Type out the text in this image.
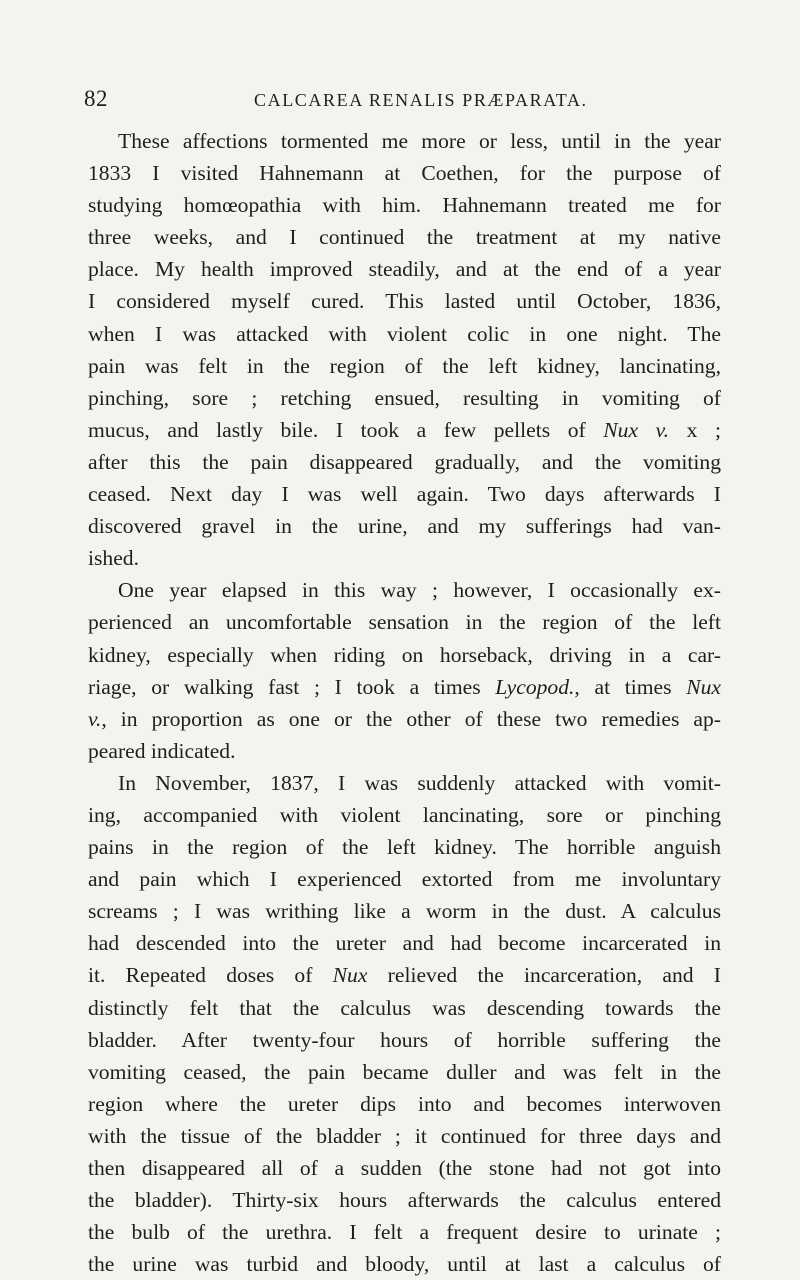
82	CALCAREA RENALIS PRÆPARATA.
These affections tormented me more or less, until in the year
1833 I visited Hahnemann at Coethen, for the purpose of
studying homœopathia with him. Hahnemann treated me for
three weeks, and I continued the treatment at my native
place. My health improved steadily, and at the end of a year
I considered myself cured. This lasted until October, 1836,
when I was attacked with violent colic in one night. The
pain was felt in the region of the left kidney, lancinating,
pinching, sore ; retching ensued, resulting in vomiting of
mucus, and lastly bile. I took a few pellets of Nux v. x ;
after this the pain disappeared gradually, and the vomiting
ceased. Next day I was well again. Two days afterwards I
discovered gravel in the urine, and my sufferings had van-
ished.
One year elapsed in this way ; however, I occasionally ex-
perienced an uncomfortable sensation in the region of the left
kidney, especially when riding on horseback, driving in a car-
riage, or walking fast ; I took a times Lycopod., at times Nux
v., in proportion as one or the other of these two remedies ap-
peared indicated.
In November, 1837, I was suddenly attacked with vomit-
ing, accompanied with violent lancinating, sore or pinching
pains in the region of the left kidney. The horrible anguish
and pain which I experienced extorted from me involuntary
screams ; I was writhing like a worm in the dust. A calculus
had descended into the ureter and had become incarcerated in
it. Repeated doses of Nux relieved the incarceration, and I
distinctly felt that the calculus was descending towards the
bladder. After twenty-four hours of horrible suffering the
vomiting ceased, the pain became duller and was felt in the
region where the ureter dips into and becomes interwoven
with the tissue of the bladder ; it continued for three days and
then disappeared all of a sudden (the stone had not got into
the bladder). Thirty-six hours afterwards the calculus entered
the bulb of the urethra. I felt a frequent desire to urinate ;
the urine was turbid and bloody, until at last a calculus of
